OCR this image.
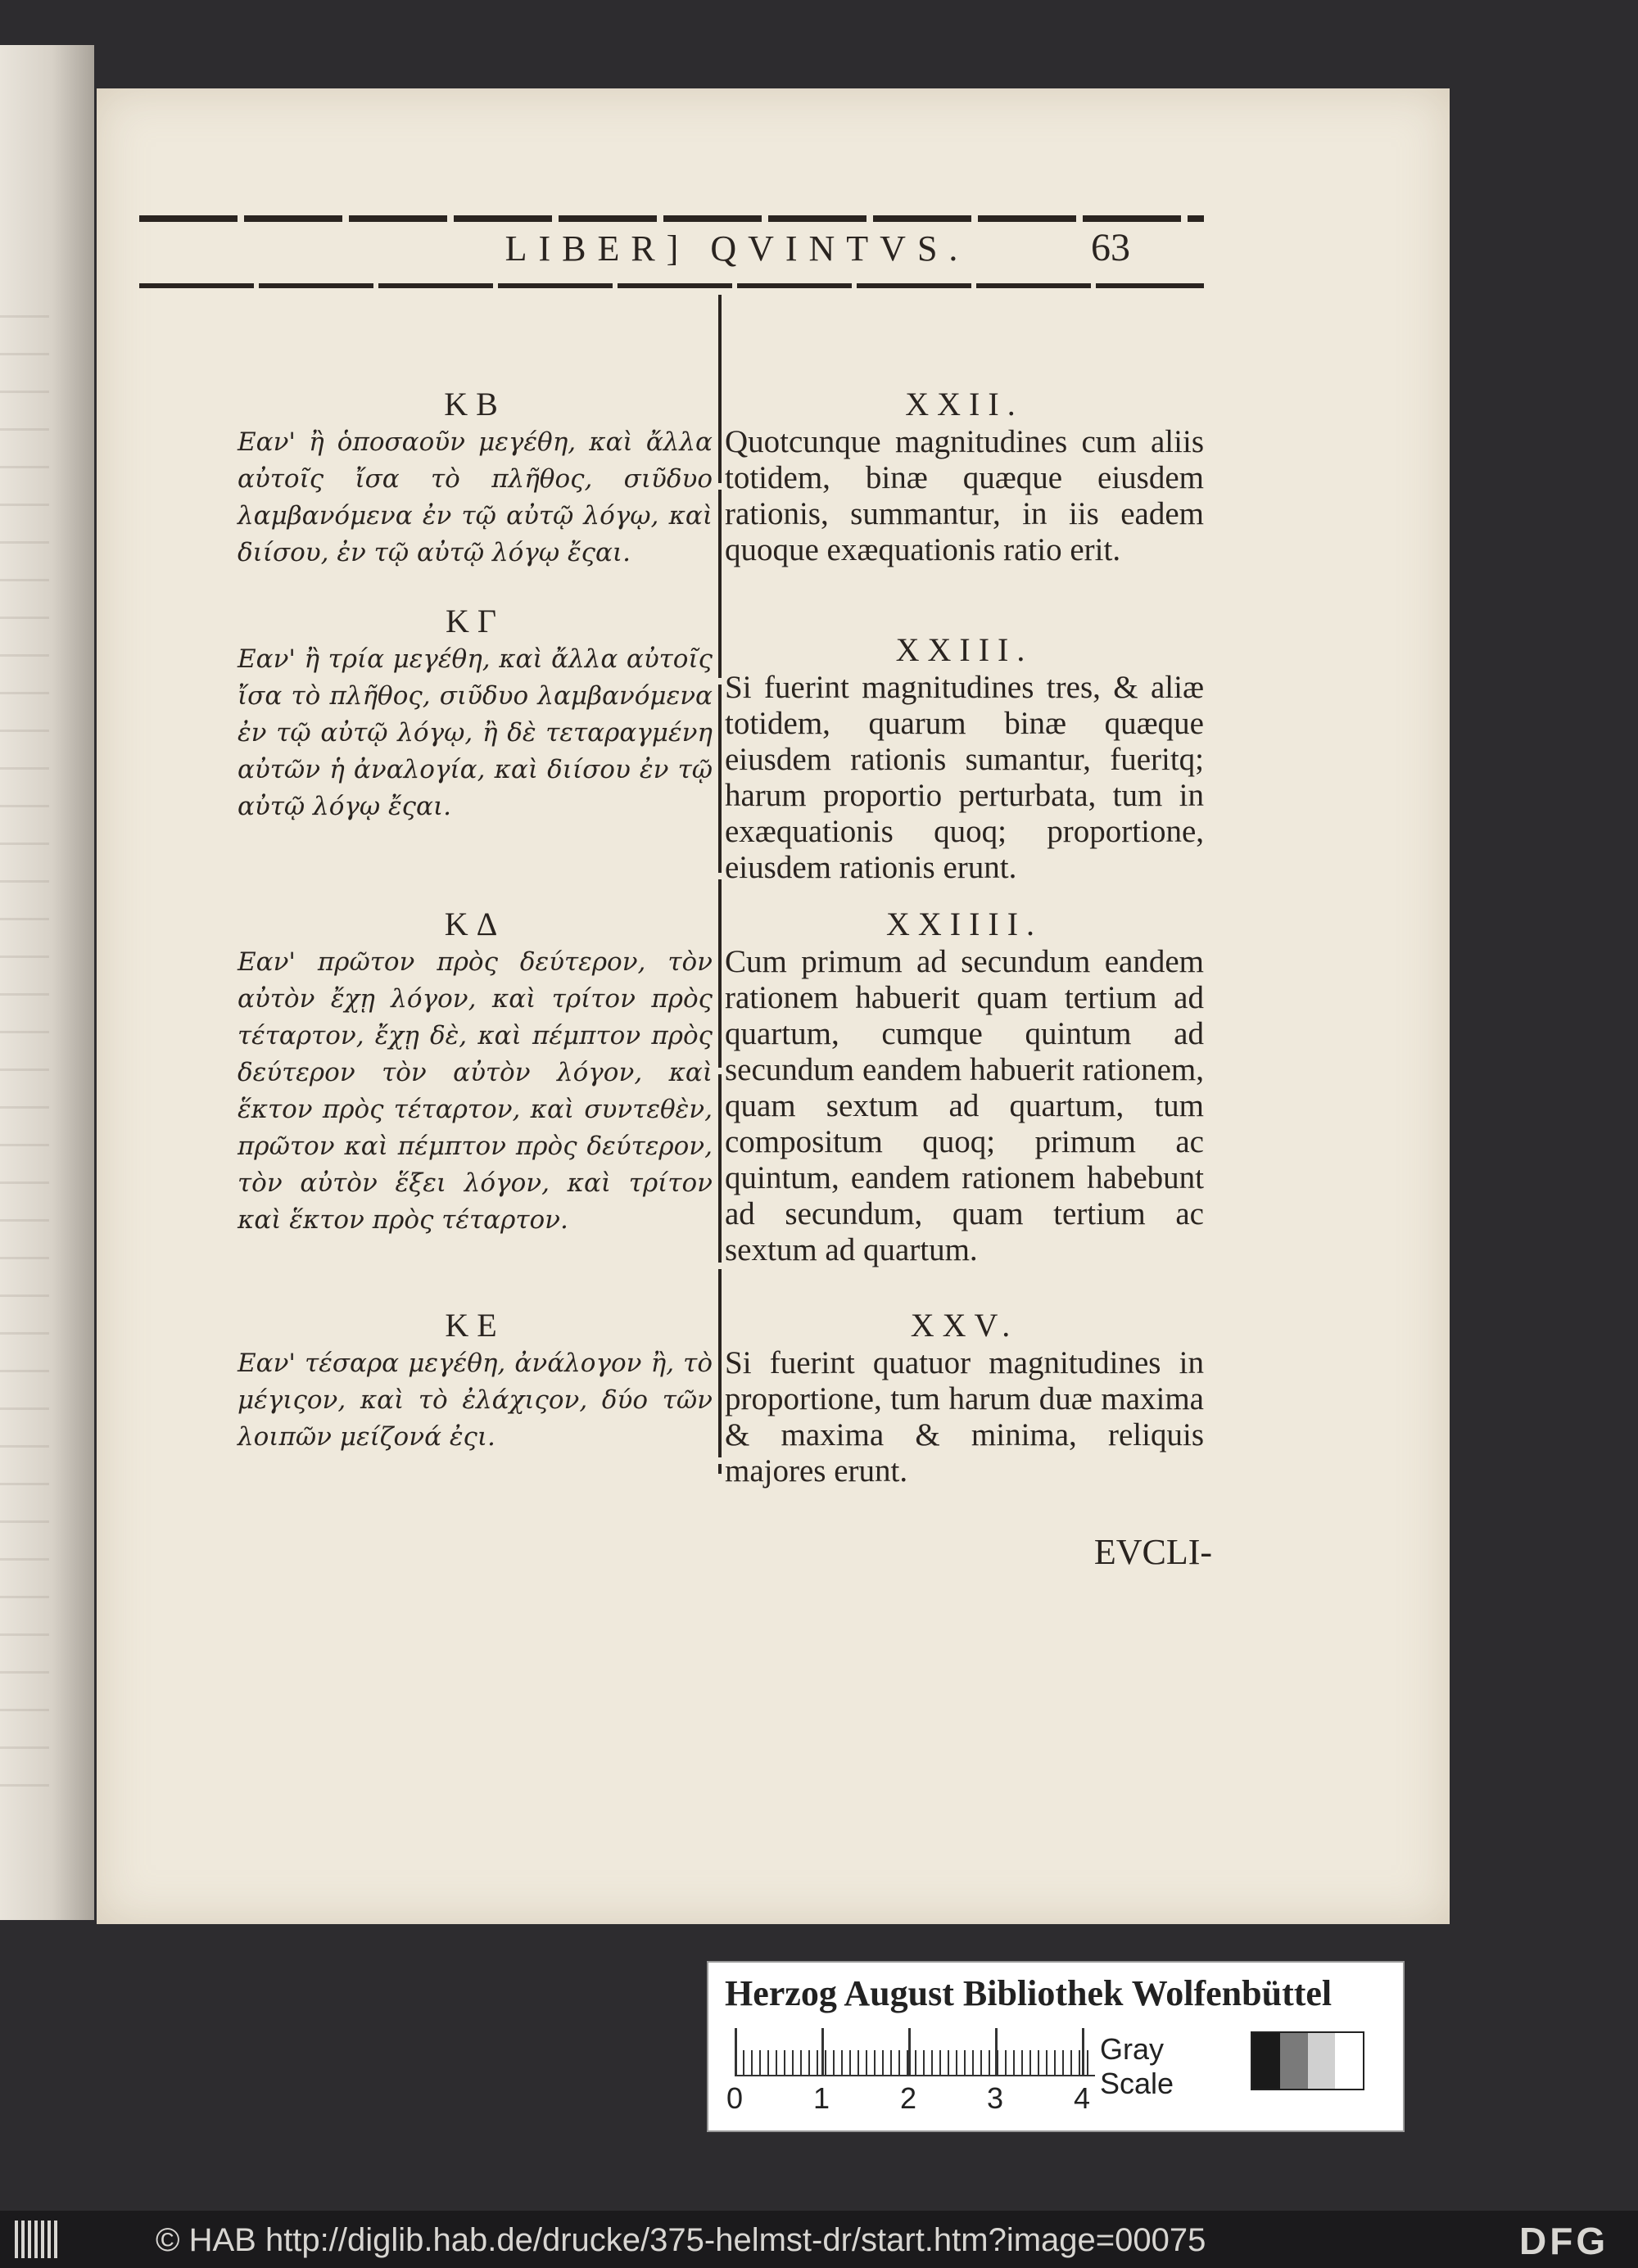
LIBER] QVINTVS.	63
ΚΒ
Εαν' ἢ ὁποσαοῦν μεγέθη, καὶ ἄλλα αὐτοῖς ἴσα τὸ πλῆθος, σιῦδυο λαμβανόμενα ἐν τῷ αὐτῷ λόγῳ, καὶ διίσου, ἐν τῷ αὐτῷ λόγῳ ἔςαι.
ΚΓ
Εαν' ἢ τρία μεγέθη, καὶ ἄλλα αὐτοῖς ἴσα τὸ πλῆθος, σιῦδυο λαμβανόμενα ἐν τῷ αὐτῷ λόγῳ, ἢ δὲ τεταραγμένη αὐτῶν ἡ ἀναλογία, καὶ διίσου ἐν τῷ αὐτῷ λόγῳ ἔςαι.
ΚΔ
Εαν' πρῶτον πρὸς δεύτερον, τὸν αὐτὸν ἔχῃ λόγον, καὶ τρίτον πρὸς τέταρτον, ἔχῃ δὲ, καὶ πέμπτον πρὸς δεύτερον τὸν αὐτὸν λόγον, καὶ ἕκτον πρὸς τέταρτον, καὶ συντεθὲν, πρῶτον καὶ πέμπτον πρὸς δεύτερον, τὸν αὐτὸν ἕξει λόγον, καὶ τρίτον καὶ ἕκτον πρὸς τέταρτον.
ΚΕ
Εαν' τέσαρα μεγέθη, ἀνάλογον ἢ, τὸ μέγιςον, καὶ τὸ ἐλάχιςον, δύο τῶν λοιπῶν μείζονά ἐςι.
XXII.
Quotcunque magnitudines cum aliis totidem, binæ quæque eiusdem rationis, summantur, in iis eadem quoque exæquationis ratio erit.
XXIII.
Si fuerint magnitudines tres, & aliæ totidem, quarum binæ quæque eiusdem rationis sumantur, fueritq; harum proportio perturbata, tum in exæquationis quoq; proportione, eiusdem rationis erunt.
XXIIII.
Cum primum ad secundum eandem rationem habuerit quam tertium ad quartum, cumque quintum ad secundum eandem habuerit rationem, quam sextum ad quartum, tum compositum quoq; primum ac quintum, eandem rationem habebunt ad secundum, quam tertium ac sextum ad quartum.
XXV.
Si fuerint quatuor magnitudines in proportione, tum harum duæ maxima & maxima & minima, reliquis majores erunt.
EVCLI-
Herzog August Bibliothek Wolfenbüttel
0 1 2 3 4
Gray Scale
© HAB http://diglib.hab.de/drucke/375-helmst-dr/start.htm?image=00075	DFG
